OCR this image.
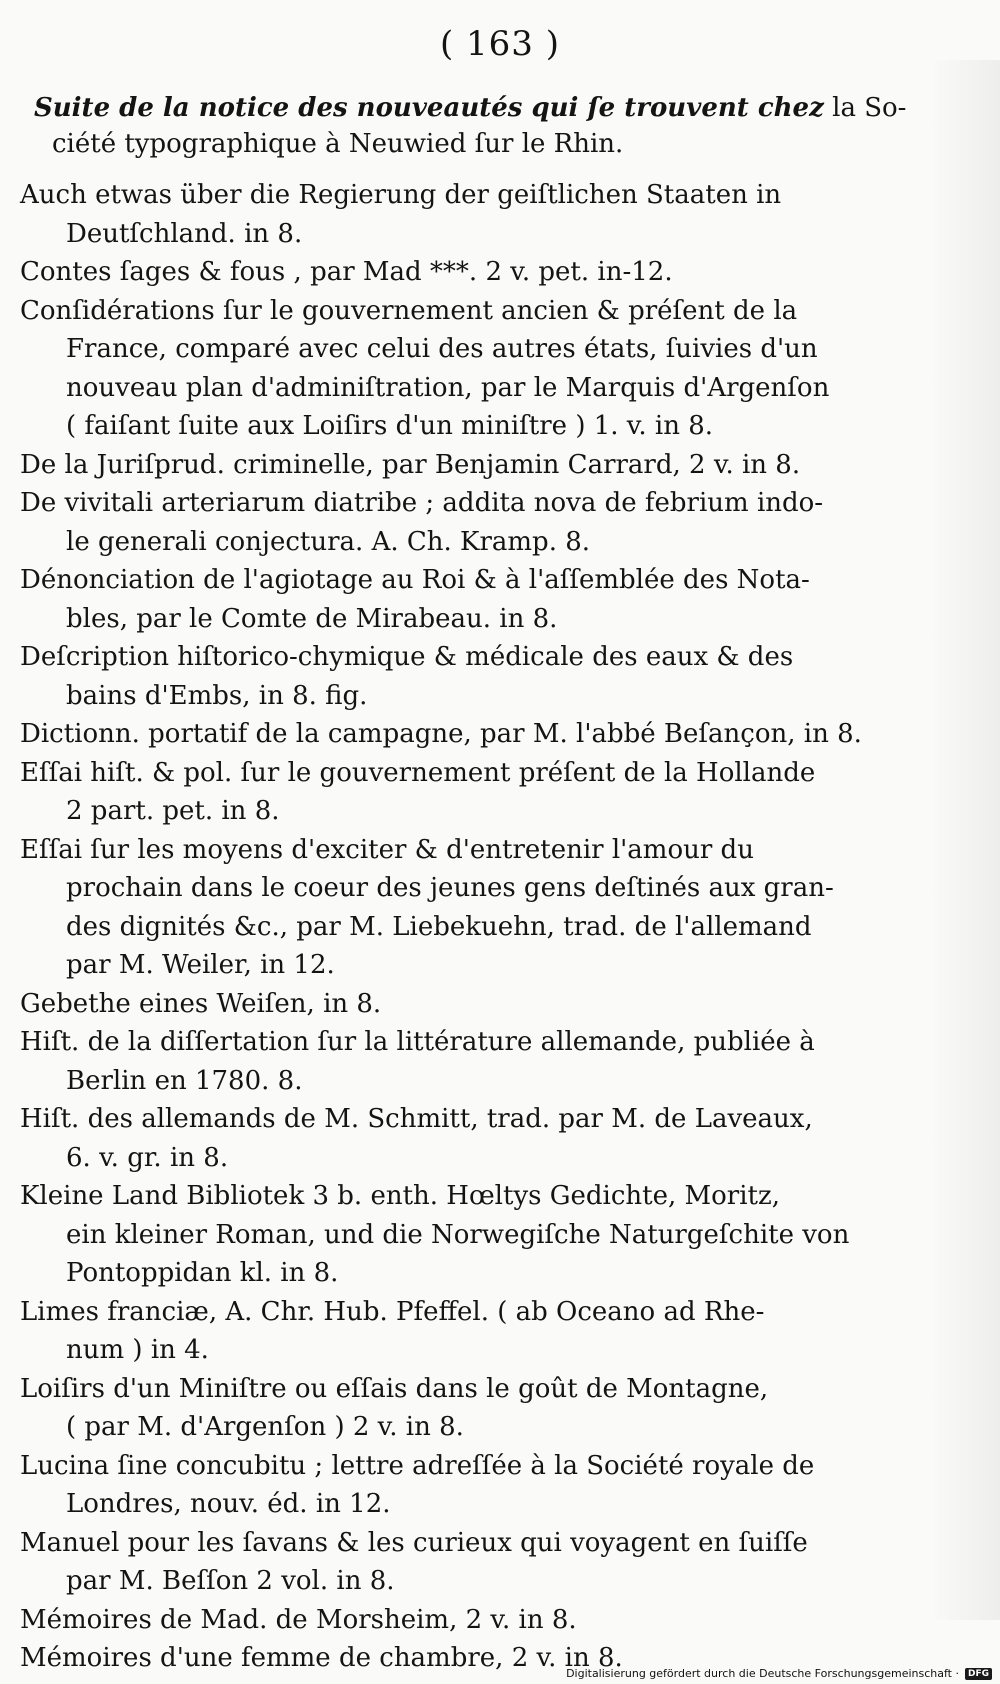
( 163 )
Suite de la notice des nouveautés qui ſe trouvent chez la So-
ciété typographique à Neuwied ſur le Rhin.
Auch etwas über die Regierung der geiſtlichen Staaten in
Deutſchland. in 8.
Contes ſages & fous , par Mad ***. 2 v. pet. in-12.
Conſidérations ſur le gouvernement ancien & préſent de la
France, comparé avec celui des autres états, ſuivies d'un
nouveau plan d'adminiſtration, par le Marquis d'Argenſon
( faiſant ſuite aux Loiſirs d'un miniſtre ) 1. v. in 8.
De la Juriſprud. criminelle, par Benjamin Carrard, 2 v. in 8.
De vivitali arteriarum diatribe ; addita nova de febrium indo-
le generali conjectura. A. Ch. Kramp. 8.
Dénonciation de l'agiotage au Roi & à l'aſſemblée des Nota-
bles, par le Comte de Mirabeau. in 8.
Deſcription hiſtorico-chymique & médicale des eaux & des
bains d'Embs, in 8. fig.
Dictionn. portatif de la campagne, par M. l'abbé Beſançon, in 8.
Eſſai hiſt. & pol. ſur le gouvernement préſent de la Hollande
2 part. pet. in 8.
Eſſai ſur les moyens d'exciter & d'entretenir l'amour du
prochain dans le coeur des jeunes gens deſtinés aux gran-
des dignités &c., par M. Liebekuehn, trad. de l'allemand
par M. Weiler, in 12.
Gebethe eines Weiſen, in 8.
Hiſt. de la diſſertation ſur la littérature allemande, publiée à
Berlin en 1780. 8.
Hiſt. des allemands de M. Schmitt, trad. par M. de Laveaux,
6. v. gr. in 8.
Kleine Land Bibliotek 3 b. enth. Hœltys Gedichte, Moritz,
ein kleiner Roman, und die Norwegiſche Naturgeſchite von
Pontoppidan kl. in 8.
Limes franciæ, A. Chr. Hub. Pfeffel. ( ab Oceano ad Rhe-
num ) in 4.
Loiſirs d'un Miniſtre ou eſſais dans le goût de Montagne,
( par M. d'Argenſon ) 2 v. in 8.
Lucina ſine concubitu ; lettre adreſſée à la Société royale de
Londres, nouv. éd. in 12.
Manuel pour les ſavans & les curieux qui voyagent en ſuiſſe
par M. Beſſon 2 vol. in 8.
Mémoires de Mad. de Morsheim, 2 v. in 8.
Mémoires d'une femme de chambre, 2 v. in 8.
Digitalisierung gefördert durch die Deutsche Forschungsgemeinschaft ·	DFG
